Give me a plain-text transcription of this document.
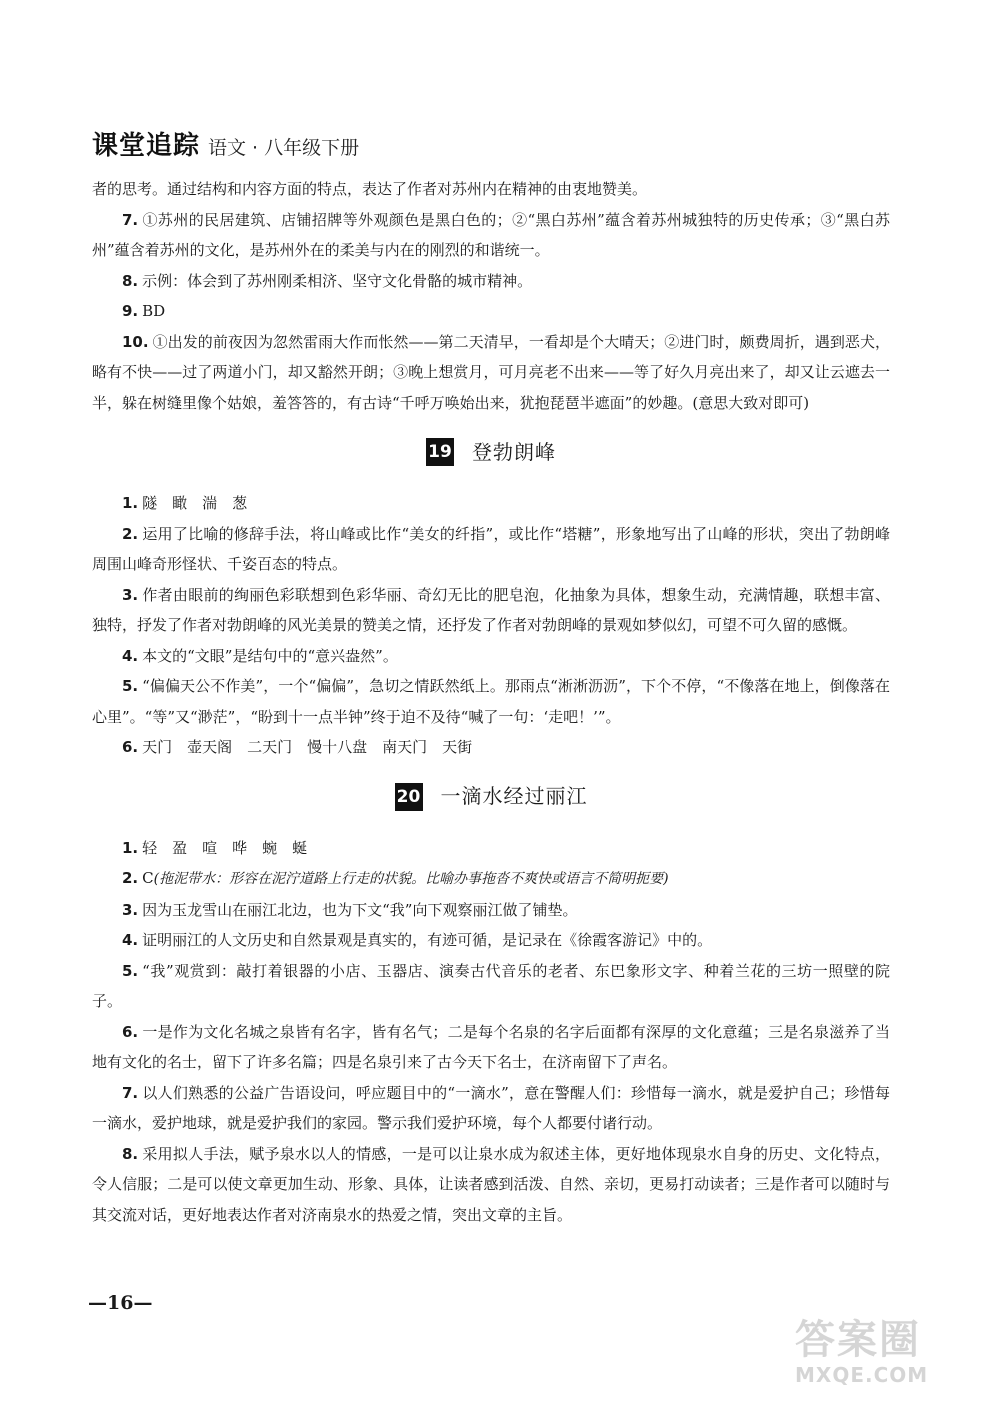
课堂追踪 语文 · 八年级下册

者的思考。通过结构和内容方面的特点，表达了作者对苏州内在精神的由衷地赞美。

7. ①苏州的民居建筑、店铺招牌等外观颜色是黑白色的；②“黑白苏州”蕴含着苏州城独特的历史传承；③“黑白苏州”蕴含着苏州的文化，是苏州外在的柔美与内在的刚烈的和谐统一。

8. 示例：体会到了苏州刚柔相济、坚守文化骨骼的城市精神。

9. BD

10. ①出发的前夜因为忽然雷雨大作而怅然——第二天清早，一看却是个大晴天；②进门时，颇费周折，遇到恶犬，略有不快——过了两道小门，却又豁然开朗；③晚上想赏月，可月亮老不出来——等了好久月亮出来了，却又让云遮去一半，躲在树缝里像个姑娘，羞答答的，有古诗“千呼万唤始出来，犹抱琵琶半遮面”的妙趣。(意思大致对即可)

19 登勃朗峰

1. 隧　瞰　湍　葱

2. 运用了比喻的修辞手法，将山峰或比作“美女的纤指”，或比作“塔糖”，形象地写出了山峰的形状，突出了勃朗峰周围山峰奇形怪状、千姿百态的特点。

3. 作者由眼前的绚丽色彩联想到色彩华丽、奇幻无比的肥皂泡，化抽象为具体，想象生动，充满情趣，联想丰富、独特，抒发了作者对勃朗峰的风光美景的赞美之情，还抒发了作者对勃朗峰的景观如梦似幻，可望不可久留的感慨。

4. 本文的“文眼”是结句中的“意兴盎然”。

5. “偏偏天公不作美”，一个“偏偏”，急切之情跃然纸上。那雨点“淅淅沥沥”，下个不停，“不像落在地上，倒像落在心里”。“等”又“渺茫”，“盼到十一点半钟”终于迫不及待“喊了一句：‘走吧！’”。

6. 天门　壶天阁　二天门　慢十八盘　南天门　天街

20 一滴水经过丽江

1. 轻　盈　喧　哗　蜿　蜒

2. C(拖泥带水：形容在泥泞道路上行走的状貌。比喻办事拖沓不爽快或语言不简明扼要)

3. 因为玉龙雪山在丽江北边，也为下文“我”向下观察丽江做了铺垫。

4. 证明丽江的人文历史和自然景观是真实的，有迹可循，是记录在《徐霞客游记》中的。

5. “我”观赏到：敲打着银器的小店、玉器店、演奏古代音乐的老者、东巴象形文字、种着兰花的三坊一照壁的院子。

6. 一是作为文化名城之泉皆有名字，皆有名气；二是每个名泉的名字后面都有深厚的文化意蕴；三是名泉滋养了当地有文化的名士，留下了许多名篇；四是名泉引来了古今天下名士，在济南留下了声名。

7. 以人们熟悉的公益广告语设问，呼应题目中的“一滴水”，意在警醒人们：珍惜每一滴水，就是爱护自己；珍惜每一滴水，爱护地球，就是爱护我们的家园。警示我们爱护环境，每个人都要付诸行动。

8. 采用拟人手法，赋予泉水以人的情感，一是可以让泉水成为叙述主体，更好地体现泉水自身的历史、文化特点，令人信服；二是可以使文章更加生动、形象、具体，让读者感到活泼、自然、亲切，更易打动读者；三是作者可以随时与其交流对话，更好地表达作者对济南泉水的热爱之情，突出文章的主旨。

—16—
答案圈
MXQE.COM
